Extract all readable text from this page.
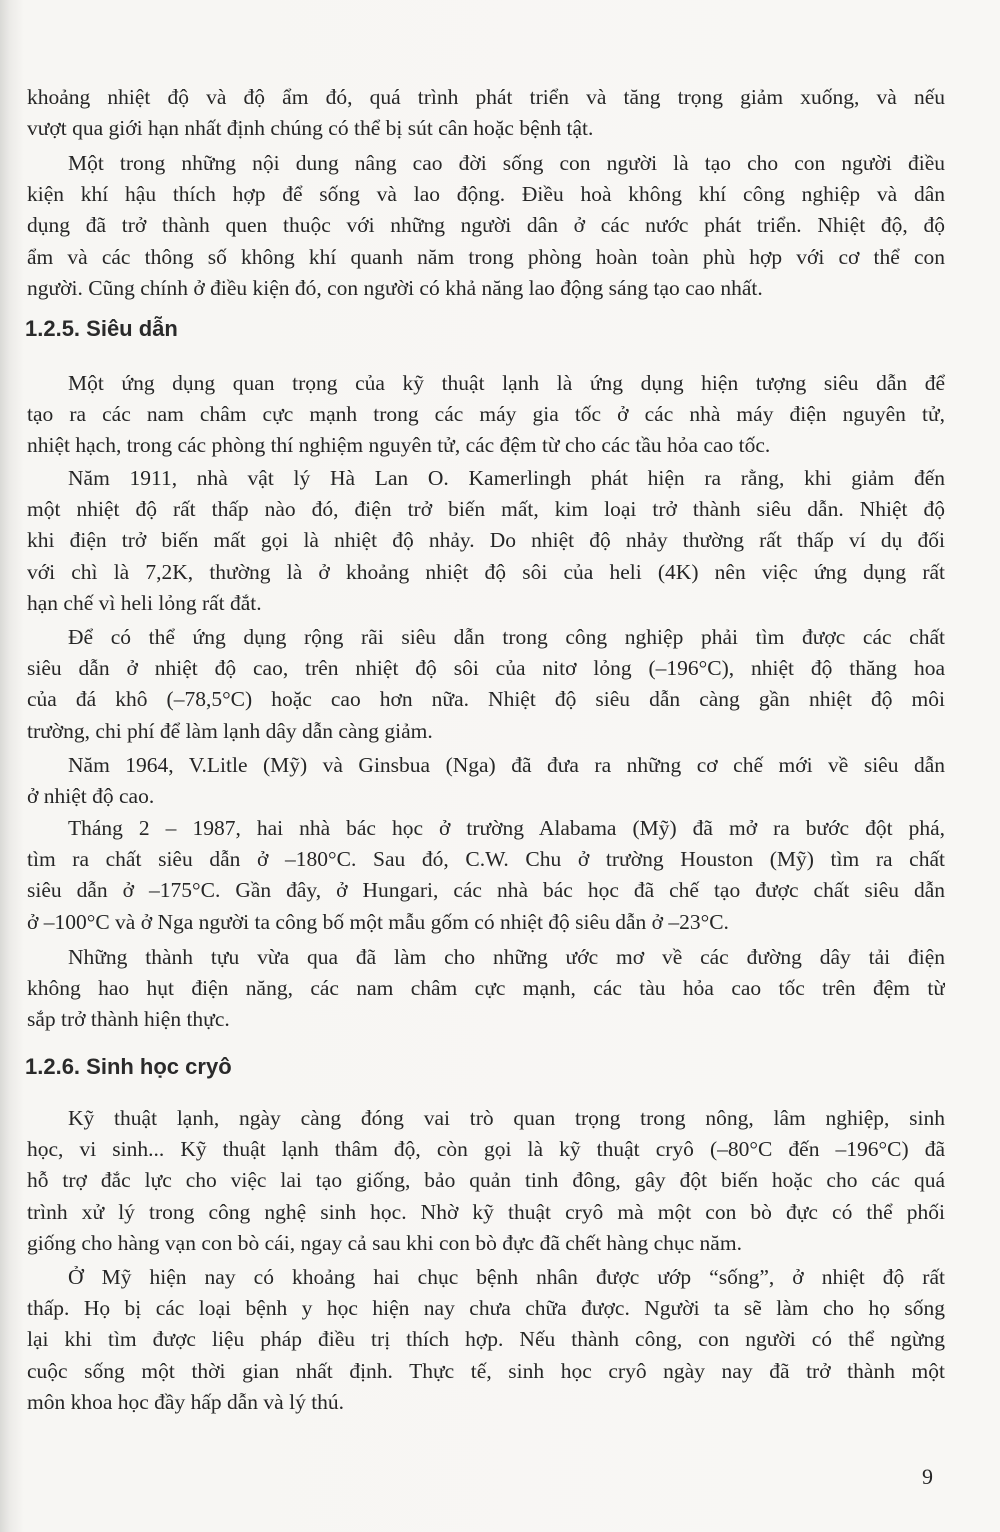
khoảng nhiệt độ và độ ẩm đó, quá trình phát triển và tăng trọng giảm xuống, và nếu
vượt qua giới hạn nhất định chúng có thể bị sút cân hoặc bệnh tật.
Một trong những nội dung nâng cao đời sống con người là tạo cho con người điều
kiện khí hậu thích hợp để sống và lao động. Điều hoà không khí công nghiệp và dân
dụng đã trở thành quen thuộc với những người dân ở các nước phát triển. Nhiệt độ, độ
ẩm và các thông số không khí quanh năm trong phòng hoàn toàn phù hợp với cơ thể con
người. Cũng chính ở điều kiện đó, con người có khả năng lao động sáng tạo cao nhất.
1.2.5. Siêu dẫn
Một ứng dụng quan trọng của kỹ thuật lạnh là ứng dụng hiện tượng siêu dẫn để
tạo ra các nam châm cực mạnh trong các máy gia tốc ở các nhà máy điện nguyên tử,
nhiệt hạch, trong các phòng thí nghiệm nguyên tử, các đệm từ cho các tầu hỏa cao tốc.
Năm 1911, nhà vật lý Hà Lan O. Kamerlingh phát hiện ra rằng, khi giảm đến
một nhiệt độ rất thấp nào đó, điện trở biến mất, kim loại trở thành siêu dẫn. Nhiệt độ
khi điện trở biến mất gọi là nhiệt độ nhảy. Do nhiệt độ nhảy thường rất thấp ví dụ đối
với chì là 7,2K, thường là ở khoảng nhiệt độ sôi của heli (4K) nên việc ứng dụng rất
hạn chế vì heli lỏng rất đắt.
Để có thể ứng dụng rộng rãi siêu dẫn trong công nghiệp phải tìm được các chất
siêu dẫn ở nhiệt độ cao, trên nhiệt độ sôi của nitơ lỏng (–196°C), nhiệt độ thăng hoa
của đá khô (–78,5°C) hoặc cao hơn nữa. Nhiệt độ siêu dẫn càng gần nhiệt độ môi
trường, chi phí để làm lạnh dây dẫn càng giảm.
Năm 1964, V.Litle (Mỹ) và Ginsbua (Nga) đã đưa ra những cơ chế mới về siêu dẫn
ở nhiệt độ cao.
Tháng 2 – 1987, hai nhà bác học ở trường Alabama (Mỹ) đã mở ra bước đột phá,
tìm ra chất siêu dẫn ở –180°C. Sau đó, C.W. Chu ở trường Houston (Mỹ) tìm ra chất
siêu dẫn ở –175°C. Gần đây, ở Hungari, các nhà bác học đã chế tạo được chất siêu dẫn
ở –100°C và ở Nga người ta công bố một mẫu gốm có nhiệt độ siêu dẫn ở –23°C.
Những thành tựu vừa qua đã làm cho những ước mơ về các đường dây tải điện
không hao hụt điện năng, các nam châm cực mạnh, các tàu hỏa cao tốc trên đệm từ
sắp trở thành hiện thực.
1.2.6. Sinh học cryô
Kỹ thuật lạnh, ngày càng đóng vai trò quan trọng trong nông, lâm nghiệp, sinh
học, vi sinh... Kỹ thuật lạnh thâm độ, còn gọi là kỹ thuật cryô (–80°C đến –196°C) đã
hỗ trợ đắc lực cho việc lai tạo giống, bảo quản tinh đông, gây đột biến hoặc cho các quá
trình xử lý trong công nghệ sinh học. Nhờ kỹ thuật cryô mà một con bò đực có thể phối
giống cho hàng vạn con bò cái, ngay cả sau khi con bò đực đã chết hàng chục năm.
Ở Mỹ hiện nay có khoảng hai chục bệnh nhân được ướp “sống”, ở nhiệt độ rất
thấp. Họ bị các loại bệnh y học hiện nay chưa chữa được. Người ta sẽ làm cho họ sống
lại khi tìm được liệu pháp điều trị thích hợp. Nếu thành công, con người có thể ngừng
cuộc sống một thời gian nhất định. Thực tế, sinh học cryô ngày nay đã trở thành một
môn khoa học đầy hấp dẫn và lý thú.
9
